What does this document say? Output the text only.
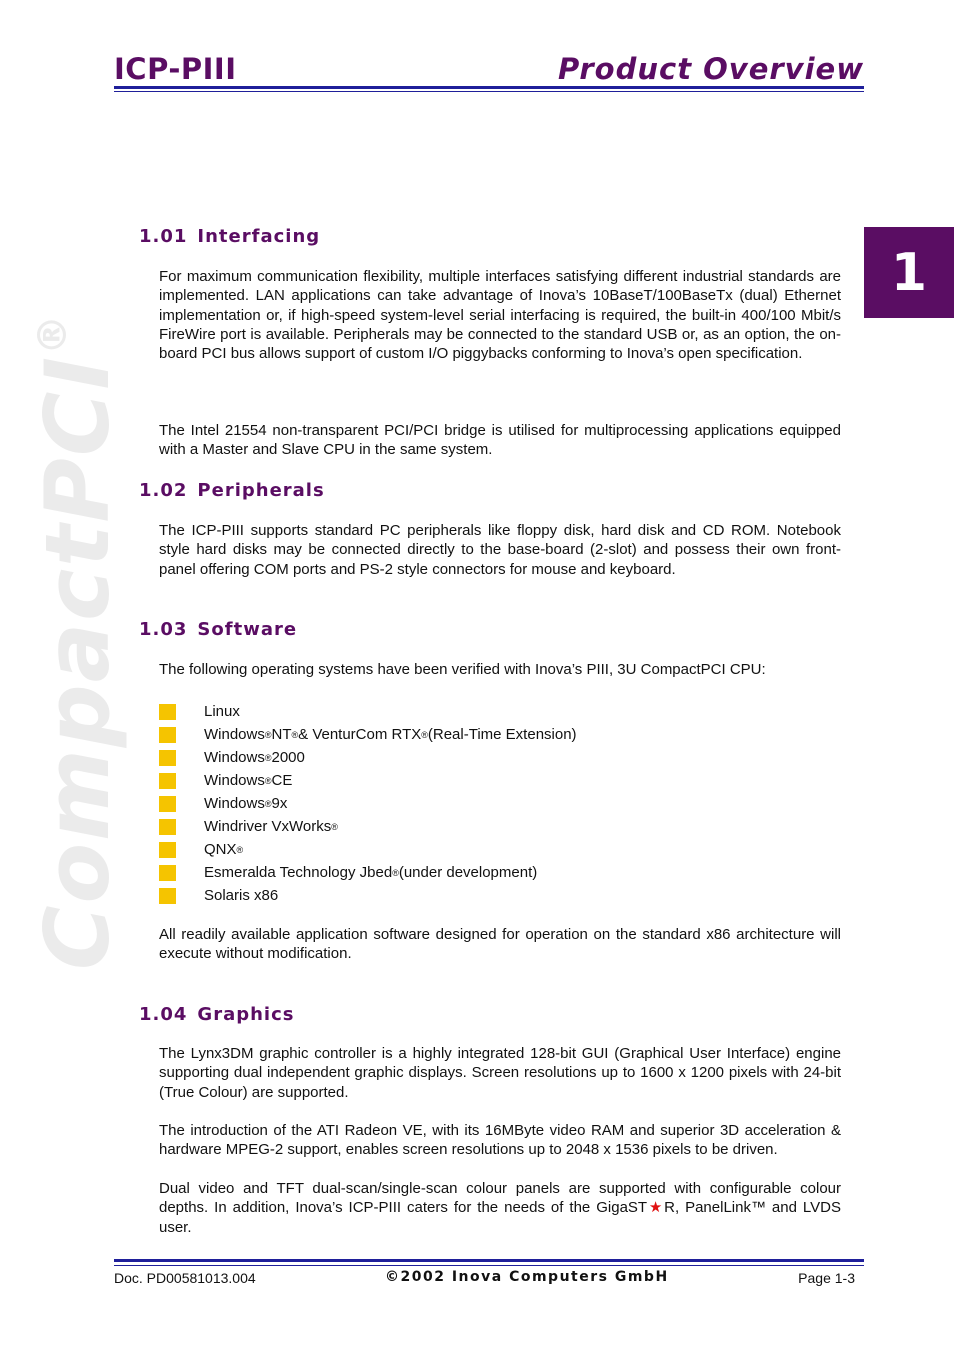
ICP-PIII	Product Overview
CompactPCI®
1
1.01 Interfacing

For maximum communication flexibility, multiple interfaces satisfying different industrial standards are implemented. LAN applications can take advantage of Inova’s 10BaseT/100BaseTx (dual) Ethernet implementation or, if high-speed system-level serial interfacing is required, the built-in 400/100 Mbit/s FireWire port is available. Peripherals may be connected to the standard USB or, as an option, the on-board PCI bus allows support of custom I/O piggybacks conforming to Inova’s open specification.

The Intel 21554 non-transparent PCI/PCI bridge is utilised for multiprocessing applications equipped with a Master and Slave CPU in the same system.

1.02 Peripherals

The ICP-PIII supports standard PC peripherals like floppy disk, hard disk and CD ROM. Notebook style hard disks may be connected directly to the base-board (2-slot) and possess their own front-panel offering COM ports and PS-2 style connectors for mouse and keyboard.

1.03 Software

The following operating systems have been verified with Inova’s PIII, 3U CompactPCI CPU:

Linux
Windows ® NT ® & VenturCom RTX ® (Real-Time Extension)
Windows ® 2000
Windows ® CE
Windows ® 9x
Windriver VxWorks ®
QNX ®
Esmeralda Technology Jbed ® (under development)
Solaris x86

All readily available application software designed for operation on the standard x86 architecture will execute without modification.

1.04 Graphics

The Lynx3DM graphic controller is a highly integrated 128-bit GUI (Graphical User Interface) engine supporting dual independent graphic displays. Screen resolutions up to 1600 x 1200 pixels with 24-bit (True Colour) are supported.

The introduction of the ATI Radeon VE, with its 16MByte video RAM and superior 3D acceleration & hardware MPEG-2 support, enables screen resolutions up to 2048 x 1536 pixels to be driven.

Dual video and TFT dual-scan/single-scan colour panels are supported with configurable colour depths. In addition, Inova’s ICP-PIII caters for the needs of the GigaST★R, PanelLink™ and LVDS user.

Doc. PD00581013.004	©2002 Inova Computers GmbH	Page 1-3
